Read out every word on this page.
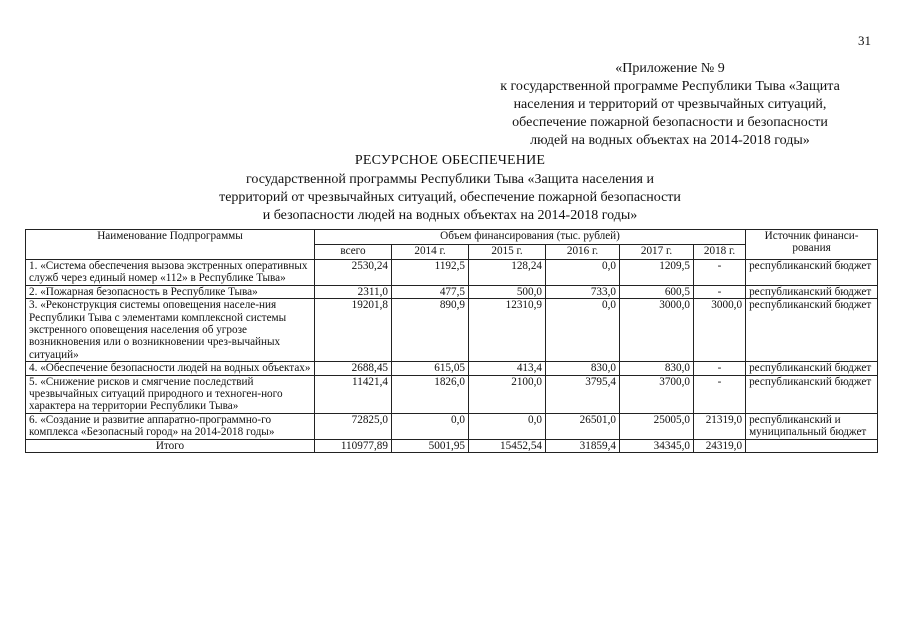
31
«Приложение № 9
к государственной программе Республики Тыва «Защита
населения и территорий от чрезвычайных ситуаций,
обеспечение пожарной безопасности и безопасности
людей на водных объектах на 2014-2018 годы»
РЕСУРСНОЕ ОБЕСПЕЧЕНИЕ
государственной программы Республики Тыва «Защита населения и
территорий от чрезвычайных ситуаций, обеспечение пожарной безопасности
и безопасности людей на водных объектах на 2014-2018 годы»
Наименование Подпрограммы	Объем финансирования (тыс. рублей)						Источник финанси-рования
	всего	2014 г.	2015 г.	2016 г.	2017 г.	2018 г.	
1. «Система обеспечения вызова экстренных оперативных служб через единый номер «112» в Республике Тыва»	2530,24	1192,5	128,24	0,0	1209,5	-	республиканский бюджет
2. «Пожарная безопасность в Республике Тыва»	2311,0	477,5	500,0	733,0	600,5	-	республиканский бюджет
3. «Реконструкция системы оповещения населе-ния Республики Тыва с элементами комплексной системы экстренного оповещения населения об угрозе возникновения или о возникновении чрез-вычайных ситуаций»	19201,8	890,9	12310,9	0,0	3000,0	3000,0	республиканский бюджет
4. «Обеспечение безопасности людей на водных объектах»	2688,45	615,05	413,4	830,0	830,0	-	республиканский бюджет
5. «Снижение рисков и смягчение последствий чрезвычайных ситуаций природного и техноген-ного характера на территории Республики Тыва»	11421,4	1826,0	2100,0	3795,4	3700,0	-	республиканский бюджет
6. «Создание и развитие аппаратно-программно-го комплекса «Безопасный город» на 2014-2018 годы»	72825,0	0,0	0,0	26501,0	25005,0	21319,0	республиканский и муниципальный бюджет
Итого	110977,89	5001,95	15452,54	31859,4	34345,0	24319,0	
